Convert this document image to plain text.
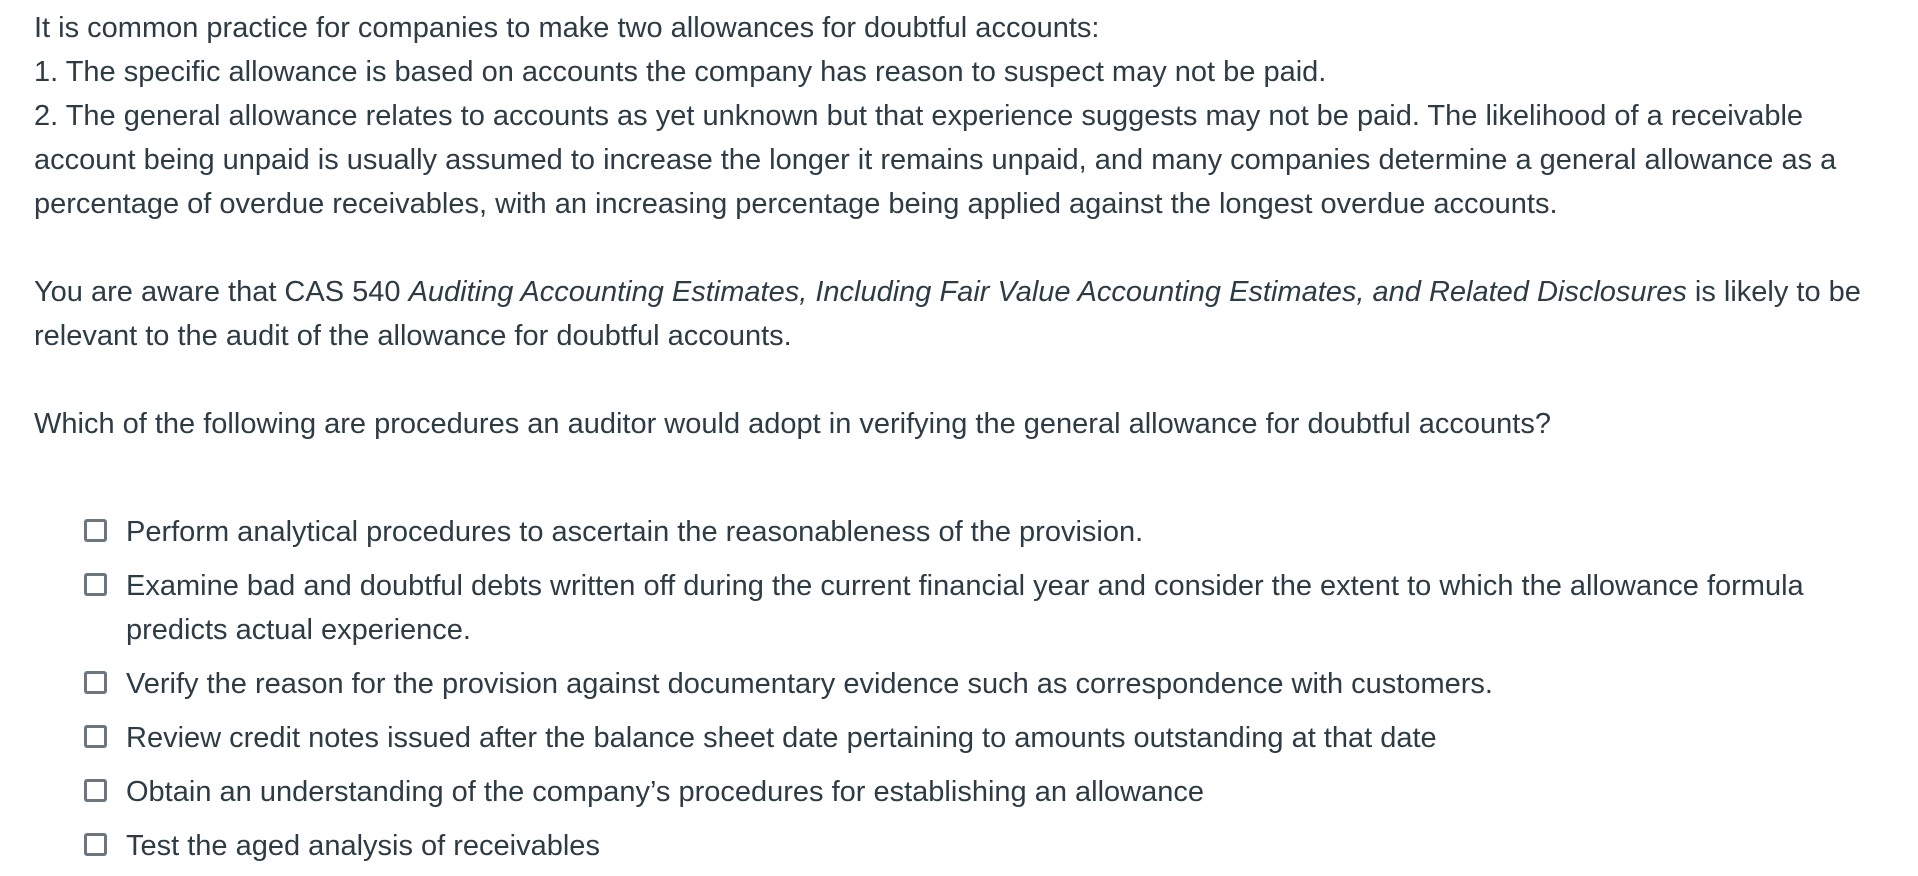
It is common practice for companies to make two allowances for doubtful accounts:

1. The specific allowance is based on accounts the company has reason to suspect may not be paid.

2. The general allowance relates to accounts as yet unknown but that experience suggests may not be paid. The likelihood of a receivable account being unpaid is usually assumed to increase the longer it remains unpaid, and many companies determine a general allowance as a percentage of overdue receivables, with an increasing percentage being applied against the longest overdue accounts.

You are aware that CAS 540 Auditing Accounting Estimates, Including Fair Value Accounting Estimates, and Related Disclosures is likely to be relevant to the audit of the allowance for doubtful accounts.

Which of the following are procedures an auditor would adopt in verifying the general allowance for doubtful accounts?

Perform analytical procedures to ascertain the reasonableness of the provision.
Examine bad and doubtful debts written off during the current financial year and consider the extent to which the allowance formula predicts actual experience.
Verify the reason for the provision against documentary evidence such as correspondence with customers.
Review credit notes issued after the balance sheet date pertaining to amounts outstanding at that date
Obtain an understanding of the company’s procedures for establishing an allowance
Test the aged analysis of receivables
